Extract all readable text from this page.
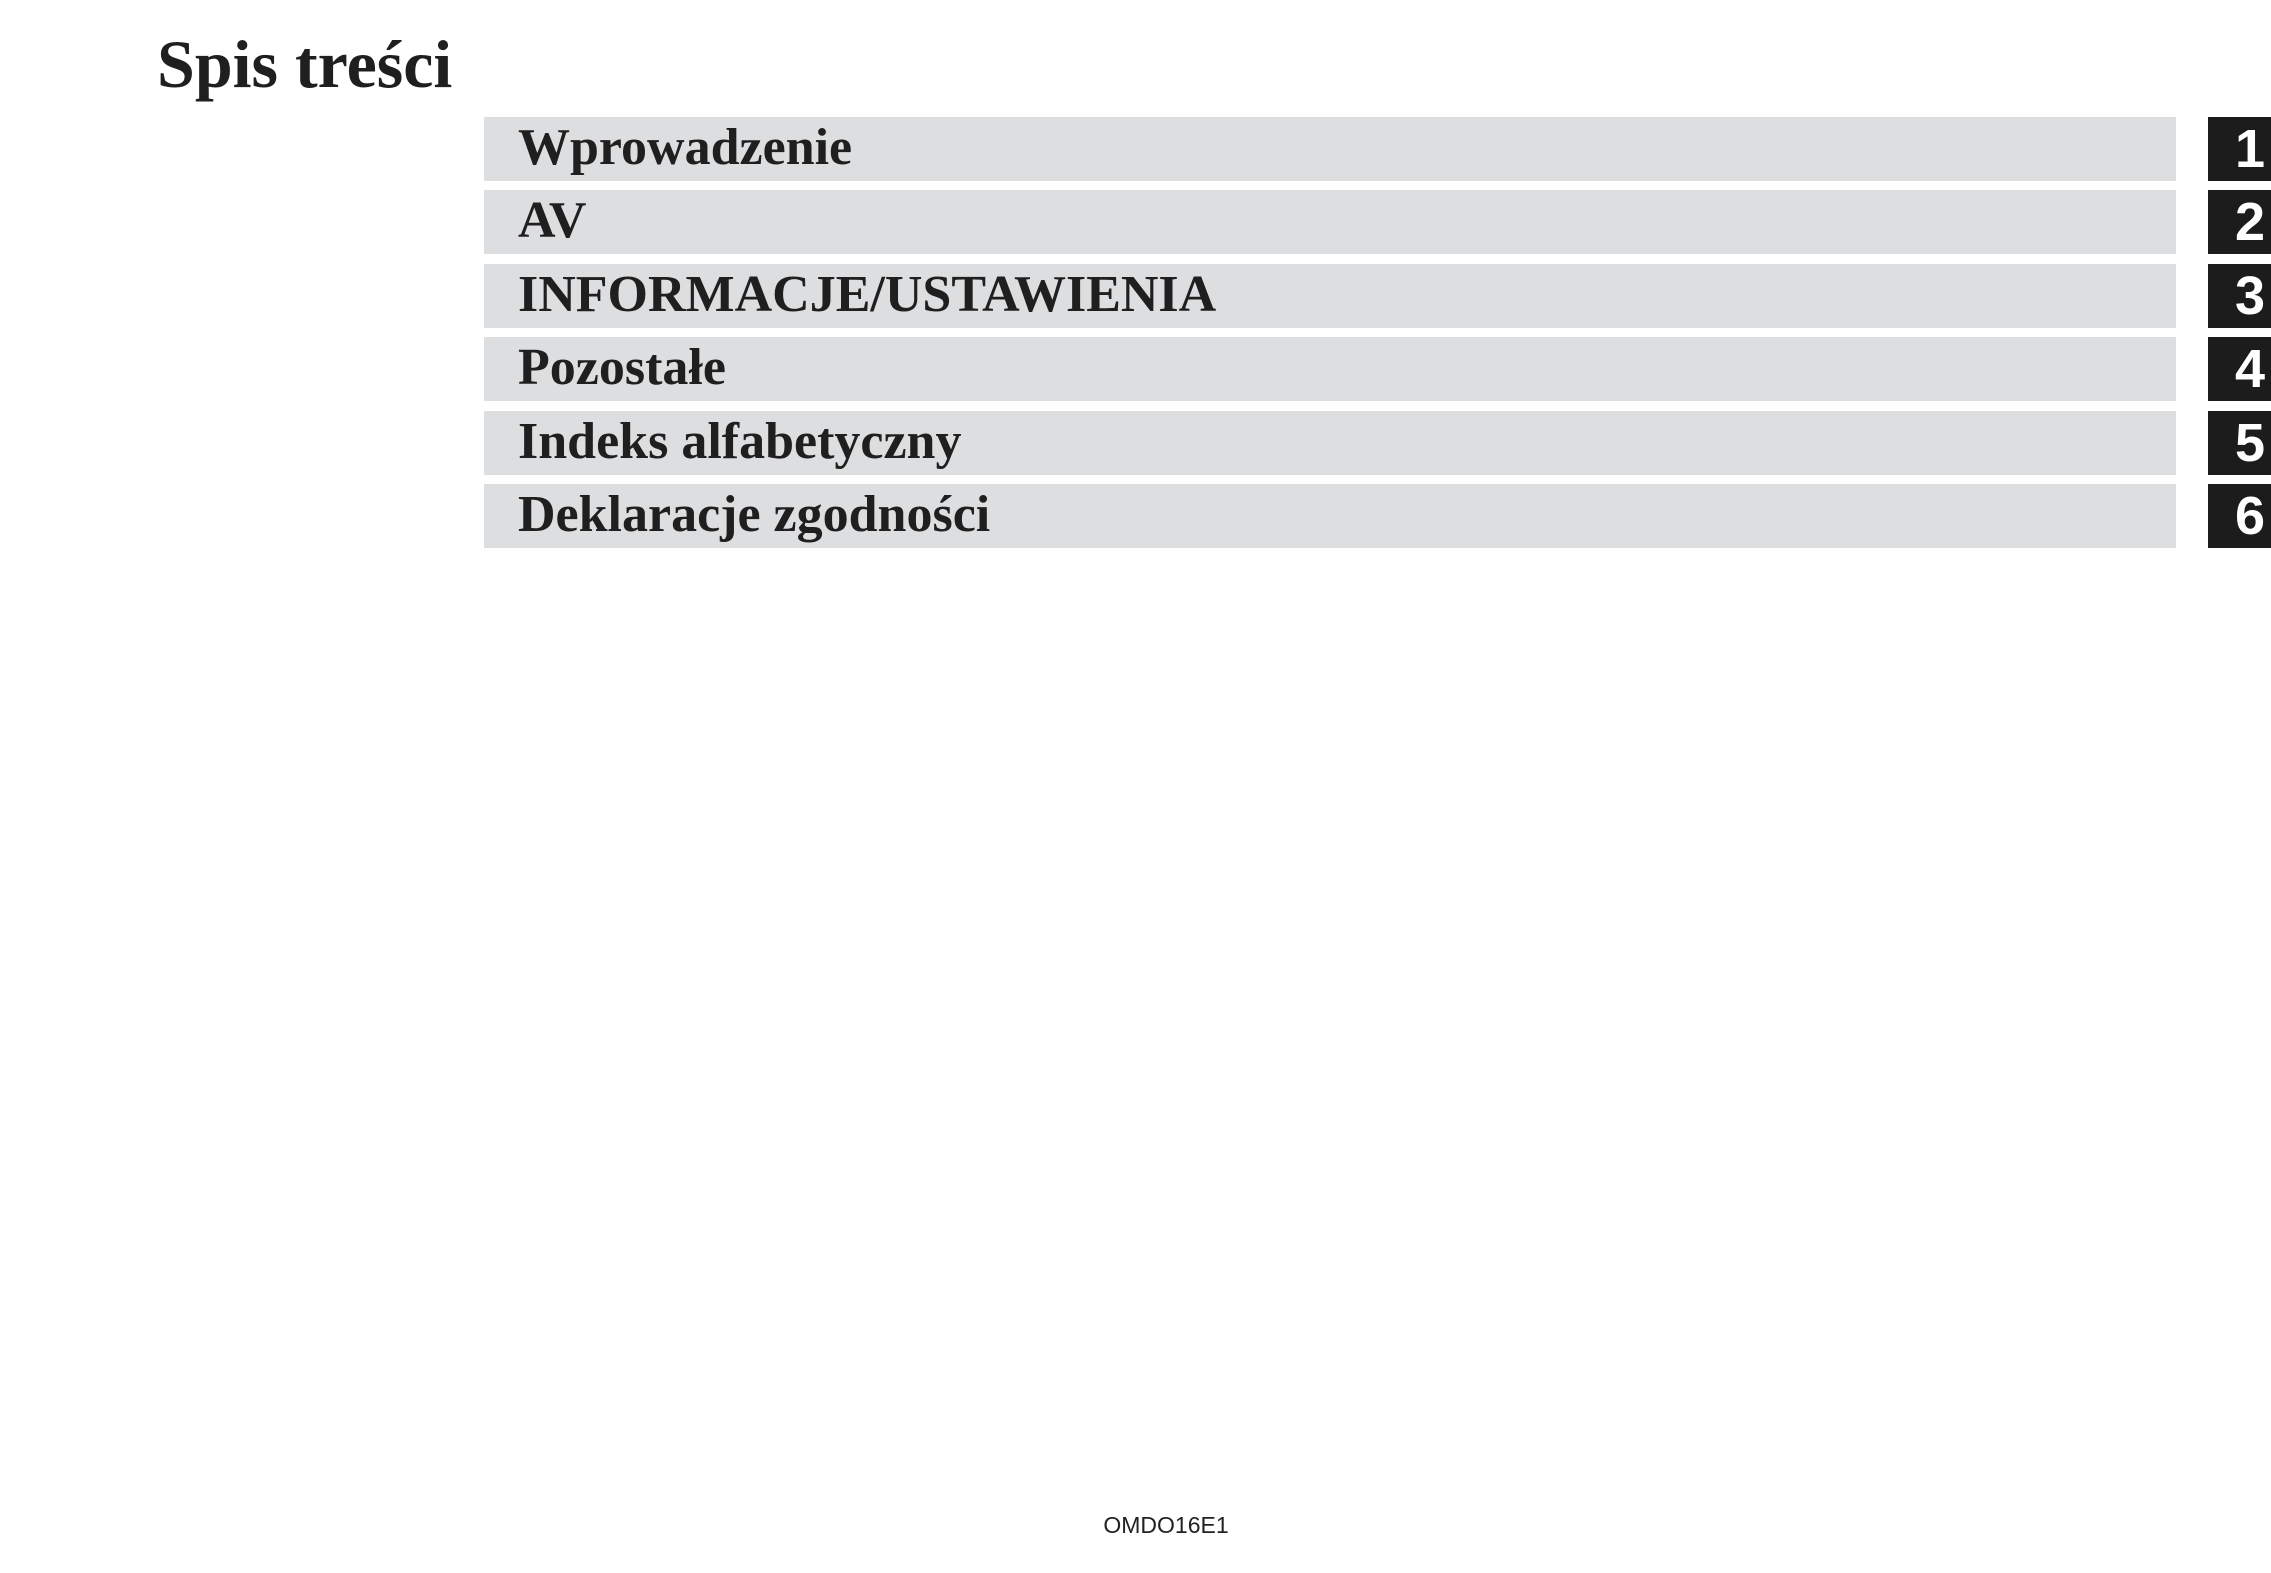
Spis treści
Wprowadzenie	1
AV	2
INFORMACJE/USTAWIENIA	3
Pozostałe	4
Indeks alfabetyczny	5
Deklaracje zgodności	6
OMDO16E1
